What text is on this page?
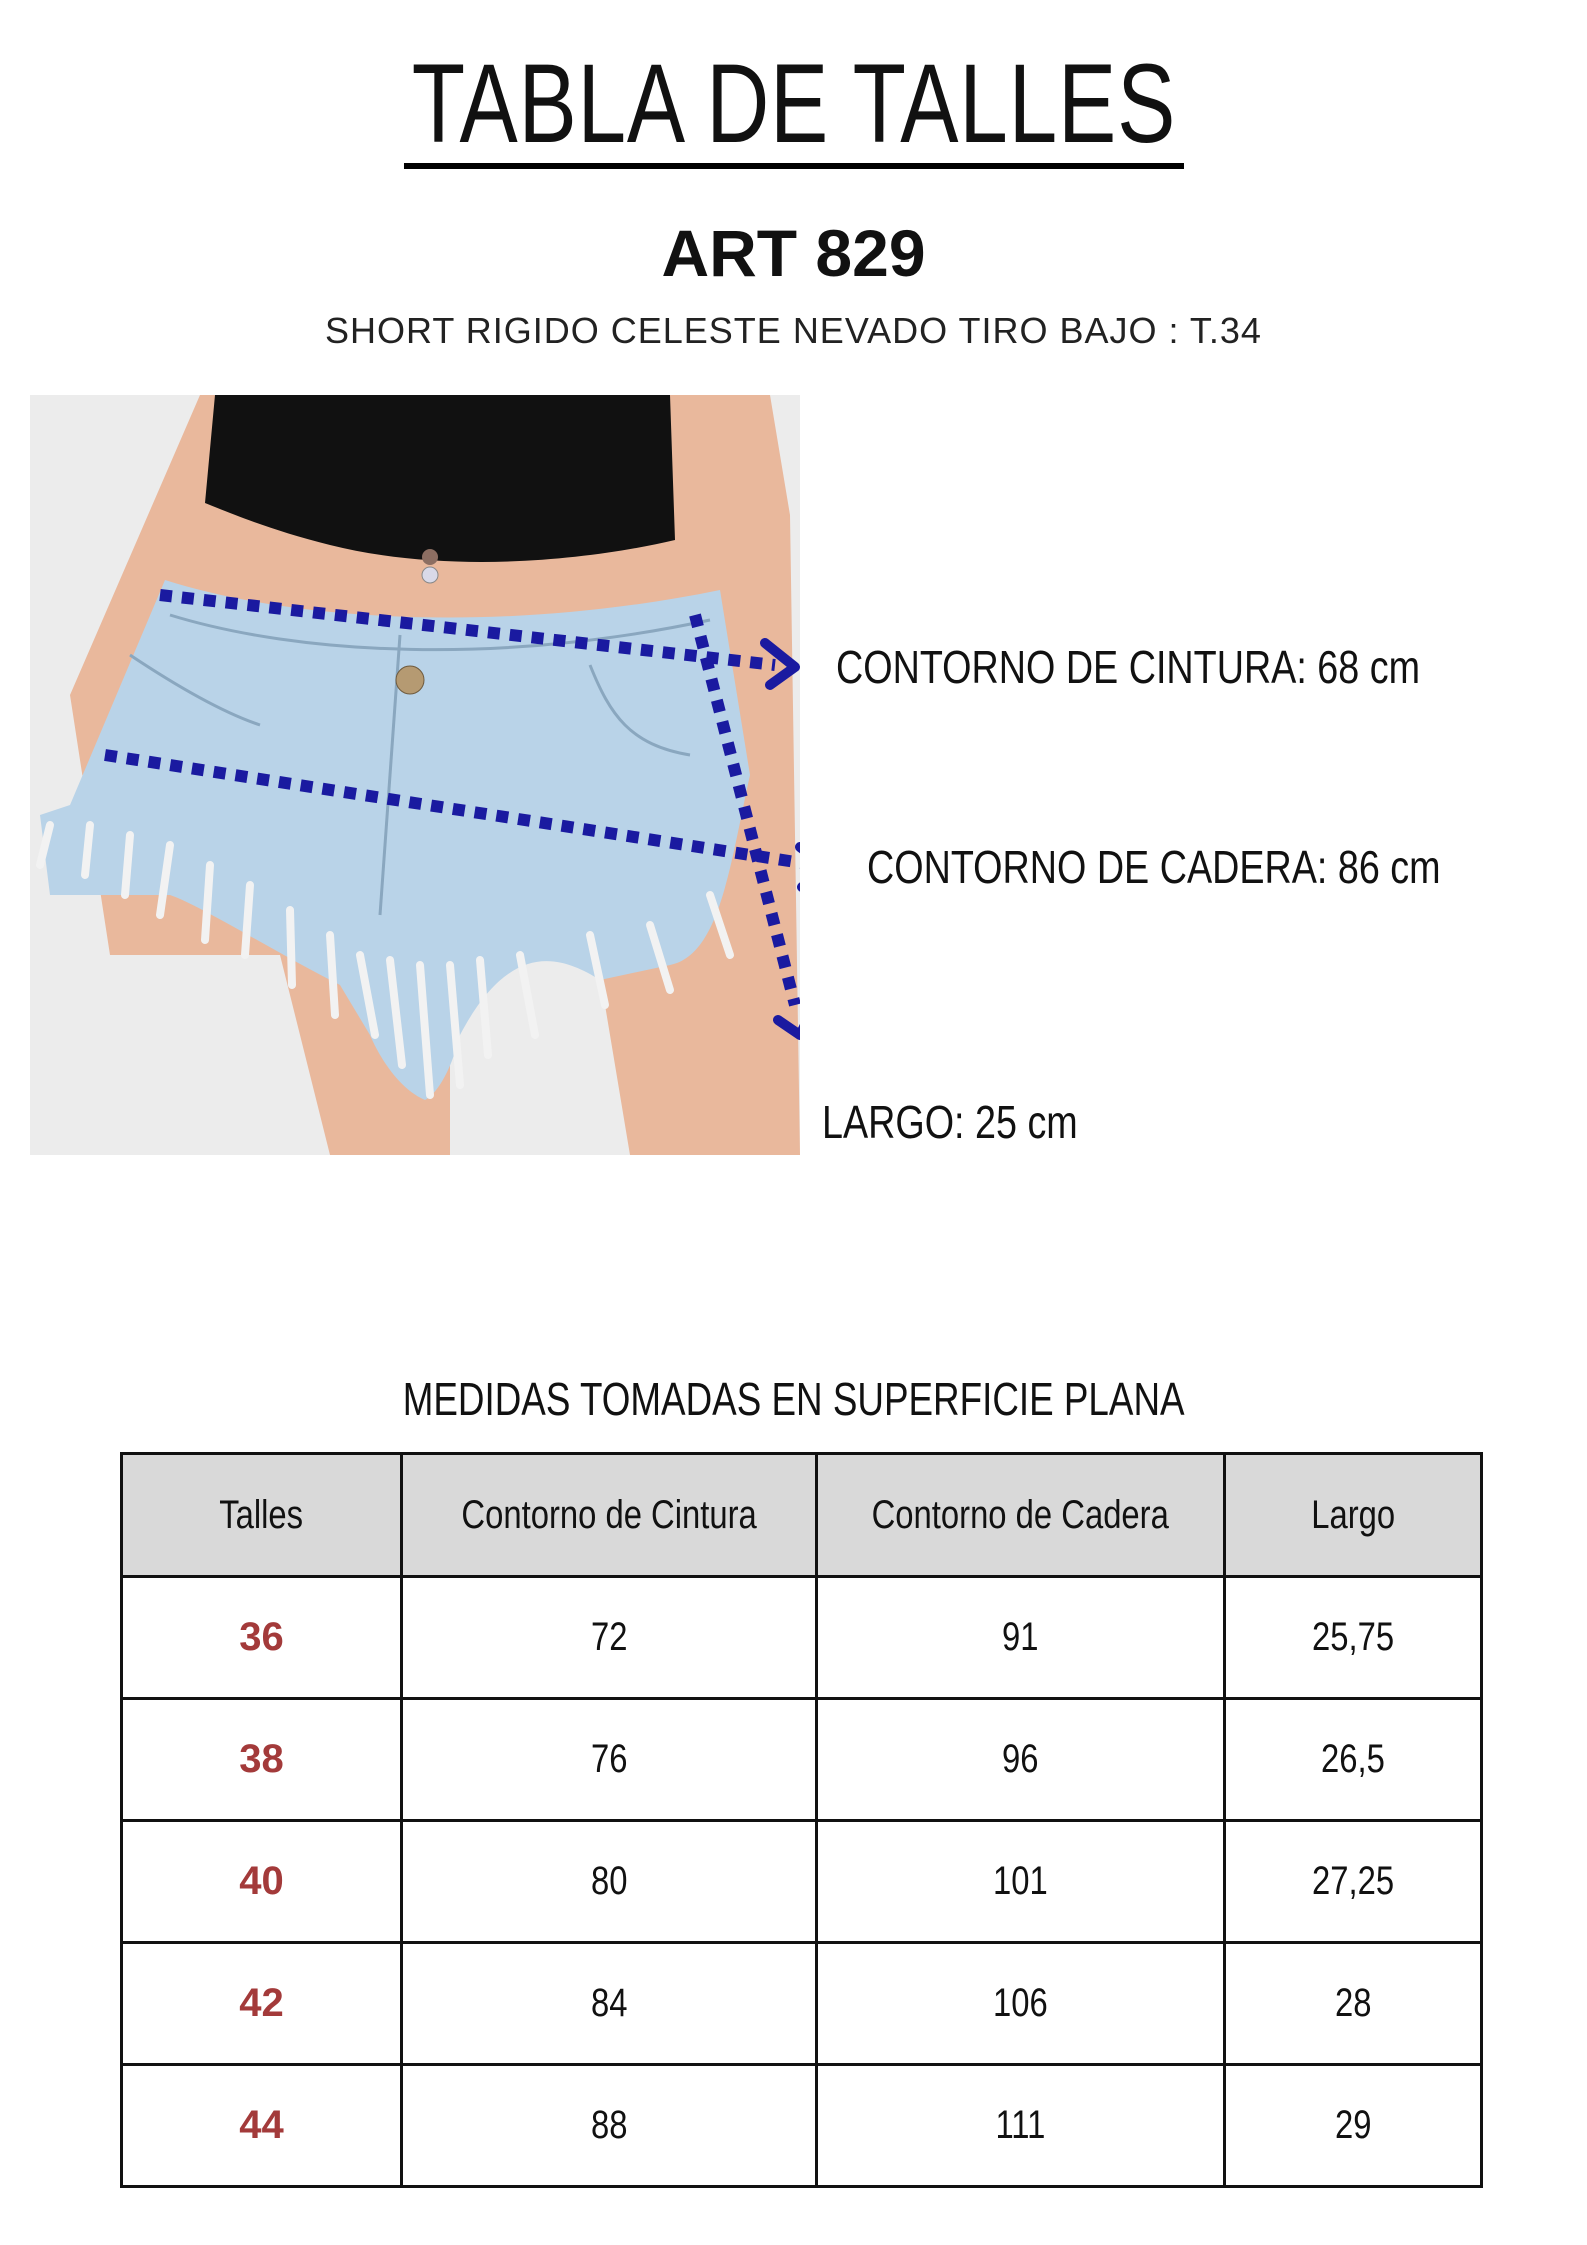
TABLA DE TALLES
ART 829
SHORT RIGIDO CELESTE NEVADO TIRO BAJO : T.34
CONTORNO DE CINTURA: 68 cm
CONTORNO DE CADERA: 86 cm
LARGO: 25 cm
MEDIDAS TOMADAS EN SUPERFICIE PLANA
Talles	Contorno de Cintura	Contorno de Cadera	Largo
36	72	91	25,75
38	76	96	26,5
40	80	101	27,25
42	84	106	28
44	88	111	29
